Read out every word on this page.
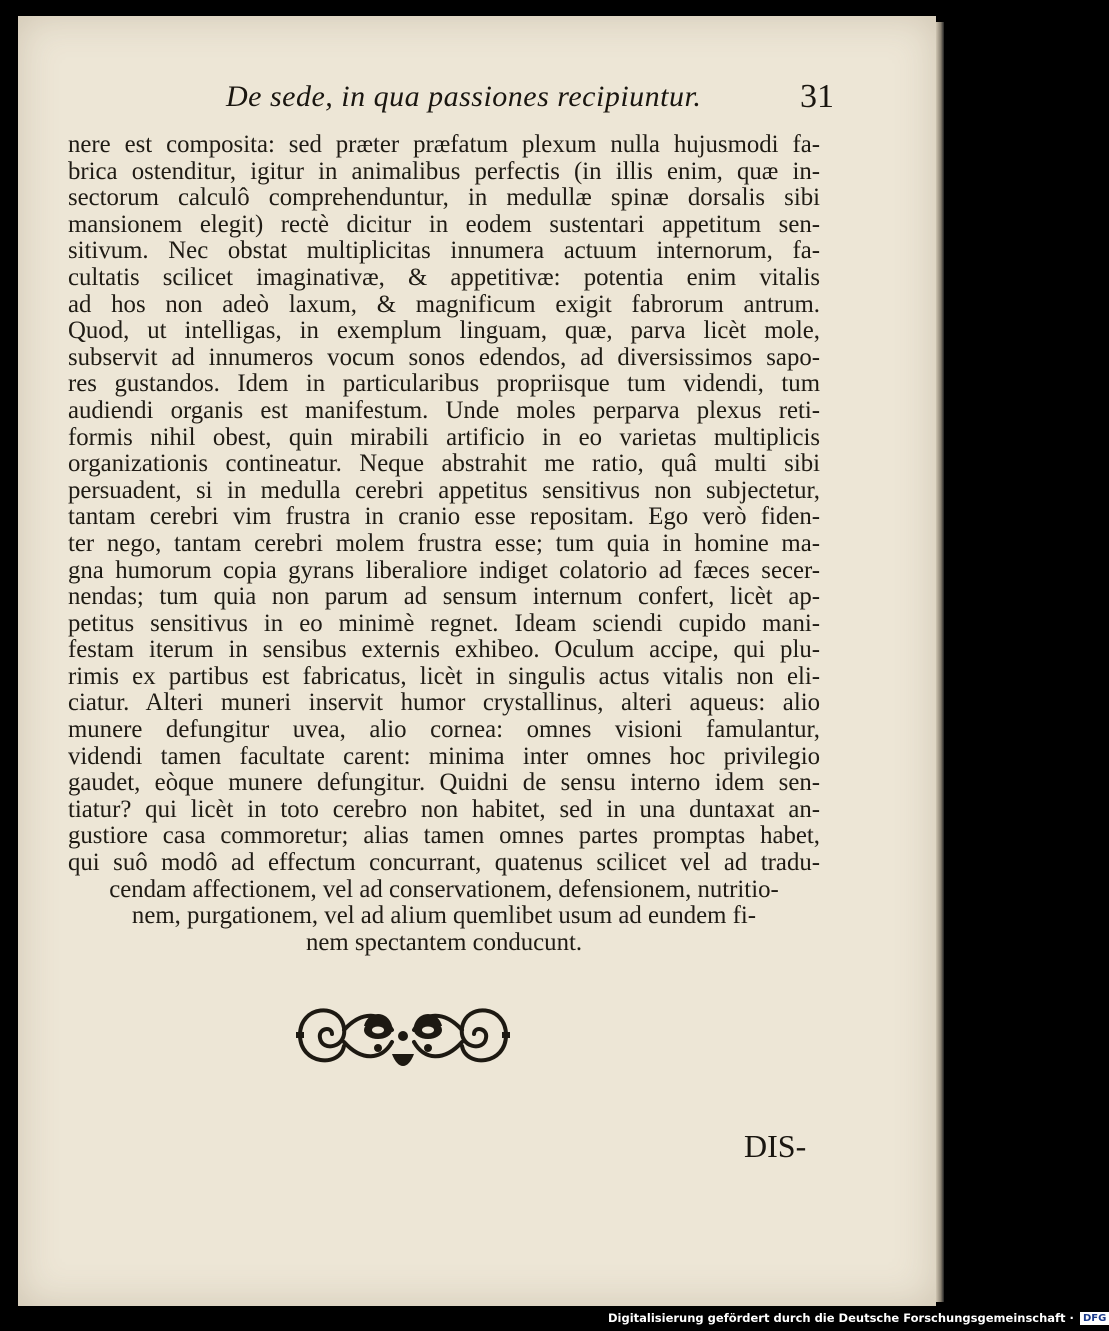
De sede, in qua passiones recipiuntur.	31
nere est composita: sed præter præfatum plexum nulla hujusmodi fa-
brica ostenditur, igitur in animalibus perfectis (in illis enim, quæ in-
sectorum calculô comprehenduntur, in medullæ spinæ dorsalis sibi
mansionem elegit) rectè dicitur in eodem sustentari appetitum sen-
sitivum. Nec obstat multiplicitas innumera actuum internorum, fa-
cultatis scilicet imaginativæ, & appetitivæ: potentia enim vitalis
ad hos non adeò laxum, & magnificum exigit fabrorum antrum.
Quod, ut intelligas, in exemplum linguam, quæ, parva licèt mole,
subservit ad innumeros vocum sonos edendos, ad diversissimos sapo-
res gustandos. Idem in particularibus propriisque tum videndi, tum
audiendi organis est manifestum. Unde moles perparva plexus reti-
formis nihil obest, quin mirabili artificio in eo varietas multiplicis
organizationis contineatur. Neque abstrahit me ratio, quâ multi sibi
persuadent, si in medulla cerebri appetitus sensitivus non subjectetur,
tantam cerebri vim frustra in cranio esse repositam. Ego verò fiden-
ter nego, tantam cerebri molem frustra esse; tum quia in homine ma-
gna humorum copia gyrans liberaliore indiget colatorio ad fæces secer-
nendas; tum quia non parum ad sensum internum confert, licèt ap-
petitus sensitivus in eo minimè regnet. Ideam sciendi cupido mani-
festam iterum in sensibus externis exhibeo. Oculum accipe, qui plu-
rimis ex partibus est fabricatus, licèt in singulis actus vitalis non eli-
ciatur. Alteri muneri inservit humor crystallinus, alteri aqueus: alio
munere defungitur uvea, alio cornea: omnes visioni famulantur,
videndi tamen facultate carent: minima inter omnes hoc privilegio
gaudet, eòque munere defungitur. Quidni de sensu interno idem sen-
tiatur? qui licèt in toto cerebro non habitet, sed in una duntaxat an-
gustiore casa commoretur; alias tamen omnes partes promptas habet,
qui suô modô ad effectum concurrant, quatenus scilicet vel ad tradu-
cendam affectionem, vel ad conservationem, defensionem, nutritio-
nem, purgationem, vel ad alium quemlibet usum ad eundem fi-
nem spectantem conducunt.
DIS-
Digitalisierung gefördert durch die Deutsche Forschungsgemeinschaft · DFG
